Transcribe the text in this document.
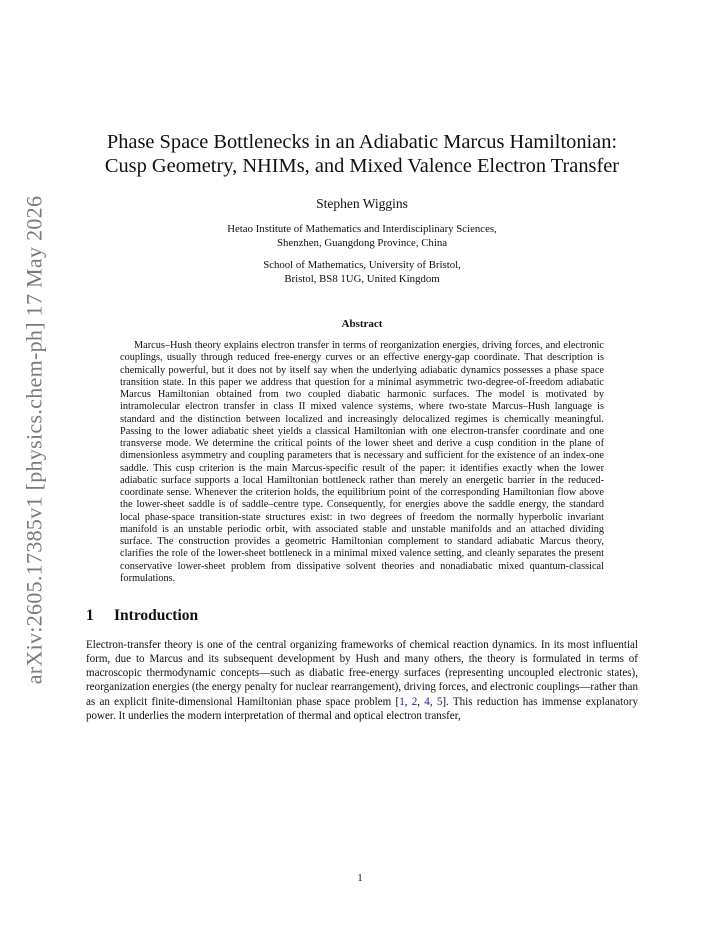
arXiv:2605.17385v1 [physics.chem-ph] 17 May 2026
Phase Space Bottlenecks in an Adiabatic Marcus Hamiltonian:
Cusp Geometry, NHIMs, and Mixed Valence Electron Transfer
Stephen Wiggins
Hetao Institute of Mathematics and Interdisciplinary Sciences,
Shenzhen, Guangdong Province, China
School of Mathematics, University of Bristol,
Bristol, BS8 1UG, United Kingdom
Abstract

Marcus–Hush theory explains electron transfer in terms of reorganization energies, driving forces, and electronic couplings, usually through reduced free-energy curves or an effective energy-gap coordinate. That description is chemically powerful, but it does not by itself say when the underlying adiabatic dynamics possesses a phase space transition state. In this paper we address that question for a minimal asymmetric two-degree-of-freedom adiabatic Marcus Hamiltonian obtained from two coupled diabatic harmonic surfaces. The model is motivated by intramolecular electron transfer in class II mixed valence systems, where two-state Marcus–Hush language is standard and the distinction between localized and increasingly delocalized regimes is chemically meaningful. Passing to the lower adiabatic sheet yields a classical Hamiltonian with one electron-transfer coordinate and one transverse mode. We determine the critical points of the lower sheet and derive a cusp condition in the plane of dimensionless asymmetry and coupling parameters that is necessary and sufficient for the existence of an index-one saddle. This cusp criterion is the main Marcus-specific result of the paper: it identifies exactly when the lower adiabatic surface supports a local Hamiltonian bottleneck rather than merely an energetic barrier in the reduced-coordinate sense. Whenever the criterion holds, the equilibrium point of the corresponding Hamiltonian flow above the lower-sheet saddle is of saddle–centre type. Consequently, for energies above the saddle energy, the standard local phase-space transition-state structures exist: in two degrees of freedom the normally hyperbolic invariant manifold is an unstable periodic orbit, with associated stable and unstable manifolds and an attached dividing surface. The construction provides a geometric Hamiltonian complement to standard adiabatic Marcus theory, clarifies the role of the lower-sheet bottleneck in a minimal mixed valence setting, and cleanly separates the present conservative lower-sheet problem from dissipative solvent theories and nonadiabatic mixed quantum-classical formulations.

1 Introduction

Electron-transfer theory is one of the central organizing frameworks of chemical reaction dynamics. In its most influential form, due to Marcus and its subsequent development by Hush and many others, the theory is formulated in terms of macroscopic thermodynamic concepts—such as diabatic free-energy surfaces (representing uncoupled electronic states), reorganization energies (the energy penalty for nuclear rearrangement), driving forces, and electronic couplings—rather than as an explicit finite-dimensional Hamiltonian phase space problem [1, 2, 4, 5]. This reduction has immense explanatory power. It underlies the modern interpretation of thermal and optical electron transfer,

1
